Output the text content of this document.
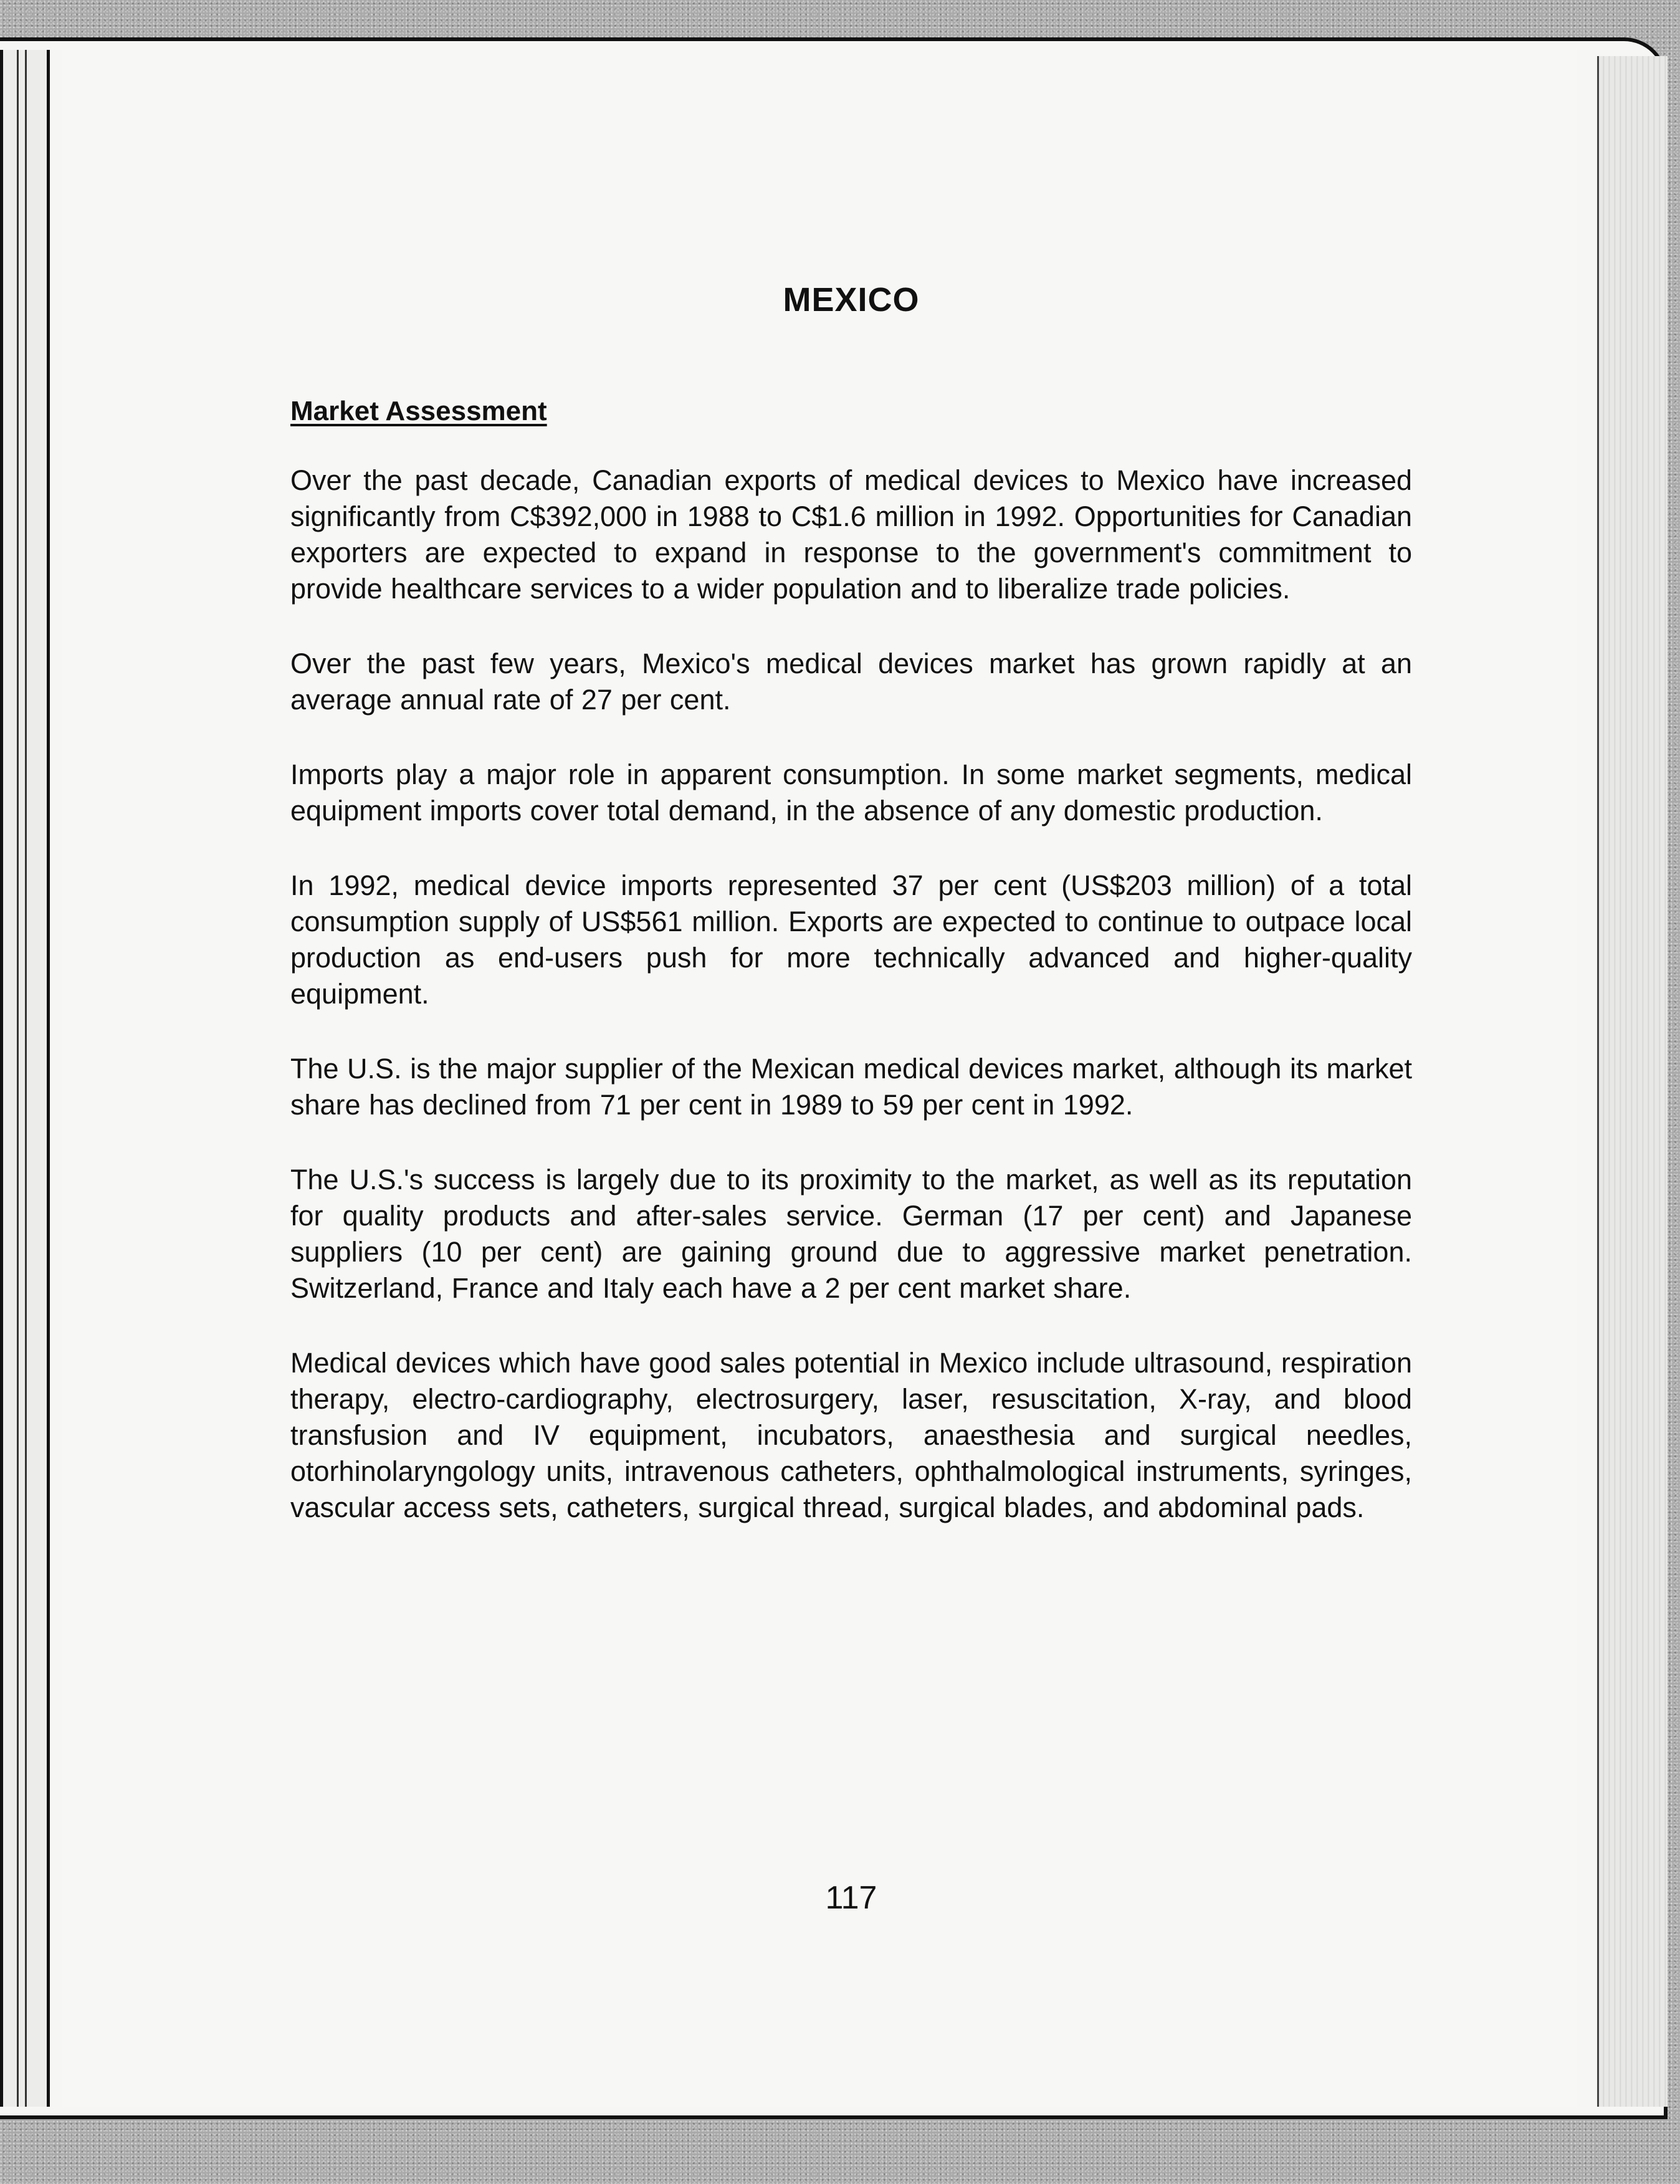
MEXICO
Market Assessment

Over the past decade, Canadian exports of medical devices to Mexico have increased significantly from C$392,000 in 1988 to C$1.6 million in 1992. Opportunities for Canadian exporters are expected to expand in response to the government's commitment to provide healthcare services to a wider population and to liberalize trade policies.

Over the past few years, Mexico's medical devices market has grown rapidly at an average annual rate of 27 per cent.

Imports play a major role in apparent consumption. In some market segments, medical equipment imports cover total demand, in the absence of any domestic production.

In 1992, medical device imports represented 37 per cent (US$203 million) of a total consumption supply of US$561 million. Exports are expected to continue to outpace local production as end-users push for more technically advanced and higher-quality equipment.

The U.S. is the major supplier of the Mexican medical devices market, although its market share has declined from 71 per cent in 1989 to 59 per cent in 1992.

The U.S.'s success is largely due to its proximity to the market, as well as its reputation for quality products and after-sales service. German (17 per cent) and Japanese suppliers (10 per cent) are gaining ground due to aggressive market penetration. Switzerland, France and Italy each have a 2 per cent market share.

Medical devices which have good sales potential in Mexico include ultrasound, respiration therapy, electro-cardiography, electrosurgery, laser, resuscitation, X-ray, and blood transfusion and IV equipment, incubators, anaesthesia and surgical needles, otorhinolaryngology units, intravenous catheters, ophthalmological instruments, syringes, vascular access sets, catheters, surgical thread, surgical blades, and abdominal pads.

117
